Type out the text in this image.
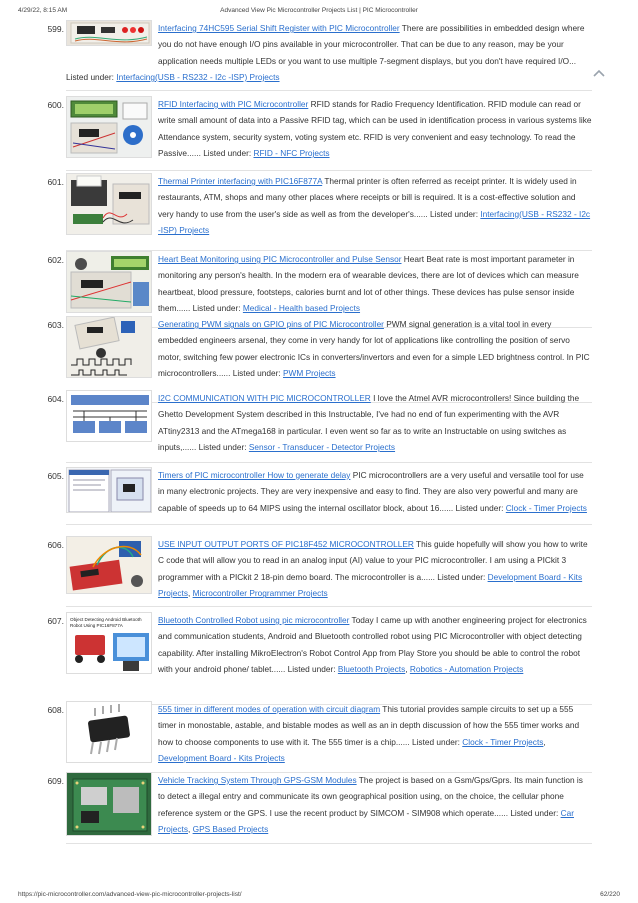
4/29/22, 8:15 AM	Advanced View Pic Microcontroller Projects List | PIC Microcontroller
599.	Interfacing 74HC595 Serial Shift Register with PIC Microcontroller There are possibilities in embedded design where you do not have enough I/O pins available in your microcontroller. That can be due to any reason, may be your application needs multiple LEDs or you want to use multiple 7-segment displays, but you don't have required I/O...
Listed under: Interfacing(USB - RS232 - I2c -ISP) Projects
600.	RFID Interfacing with PIC Microcontroller RFID stands for Radio Frequency Identification. RFID module can read or write small amount of data into a Passive RFID tag, which can be used in identification process in various systems like Attendance system, security system, voting system etc. RFID is very convenient and easy technology. To read the Passive...... Listed under: RFID - NFC Projects
601.	Thermal Printer interfacing with PIC16F877A Thermal printer is often referred as receipt printer. It is widely used in restaurants, ATM, shops and many other places where receipts or bill is required. It is a cost-effective solution and very handy to use from the user's side as well as from the developer's...... Listed under: Interfacing(USB - RS232 - I2c -ISP) Projects
602.	Heart Beat Monitoring using PIC Microcontroller and Pulse Sensor Heart Beat rate is most important parameter in monitoring any person's health. In the modern era of wearable devices, there are lot of devices which can measure heartbeat, blood pressure, footsteps, calories burnt and lot of other things. These devices has pulse sensor inside them...... Listed under: Medical - Health based Projects
603.	Generating PWM signals on GPIO pins of PIC Microcontroller PWM signal generation is a vital tool in every embedded engineers arsenal, they come in very handy for lot of applications like controlling the position of servo motor, switching few power electronic ICs in converters/invertors and even for a simple LED brightness control. In PIC microcontrollers...... Listed under: PWM Projects
604.	I2C COMMUNICATION WITH PIC MICROCONTROLLER I love the Atmel AVR microcontrollers! Since building the Ghetto Development System described in this Instructable, I've had no end of fun experimenting with the AVR ATtiny2313 and the ATmega168 in particular. I even went so far as to write an Instructable on using switches as inputs,...... Listed under: Sensor - Transducer - Detector Projects
605.	Timers of PIC microcontroller How to generate delay PIC microcontrollers are a very useful and versatile tool for use in many electronic projects. They are very inexpensive and easy to find. They are also very powerful and many are capable of speeds up to 64 MIPS using the internal oscillator block, about 16...... Listed under: Clock - Timer Projects
606.	USE INPUT OUTPUT PORTS OF PIC18F452 MICROCONTROLLER This guide hopefully will show you how to write C code that will allow you to read in an analog input (AI) value to your PIC microcontroller. I am using a PICkit 3 programmer with a PICkit 2 18-pin demo board. The microcontroller is a...... Listed under: Development Board - Kits Projects, Microcontroller Programmer Projects
607. Object Detecting Android Bluetooth
Robot Using PIC16F877A
Bluetooth Controlled Robot using pic microcontroller Today I came up with another engineering project for electronics and communication students, Android and Bluetooth controlled robot using PIC Microcontroller with object detecting capability. After installing MikroElectron's Robot Control App from Play Store you should be able to control the robot with your android phone/ tablet...... Listed under: Bluetooth Projects, Robotics - Automation Projects
608.	555 timer in different modes of operation with circuit diagram This tutorial provides sample circuits to set up a 555 timer in monostable, astable, and bistable modes as well as an in depth discussion of how the 555 timer works and how to choose components to use with it. The 555 timer is a chip...... Listed under: Clock - Timer Projects, Development Board - Kits Projects
609.	Vehicle Tracking System Through GPS-GSM Modules The project is based on a Gsm/Gps/Gprs. Its main function is to detect a illegal entry and communicate its own geographical position using, on the choice, the cellular phone reference system or the GPS. I use the recent product by SIMCOM - SIM908 which operate...... Listed under: Car Projects, GPS Based Projects
https://pic-microcontroller.com/advanced-view-pic-microcontroller-projects-list/	62/220
